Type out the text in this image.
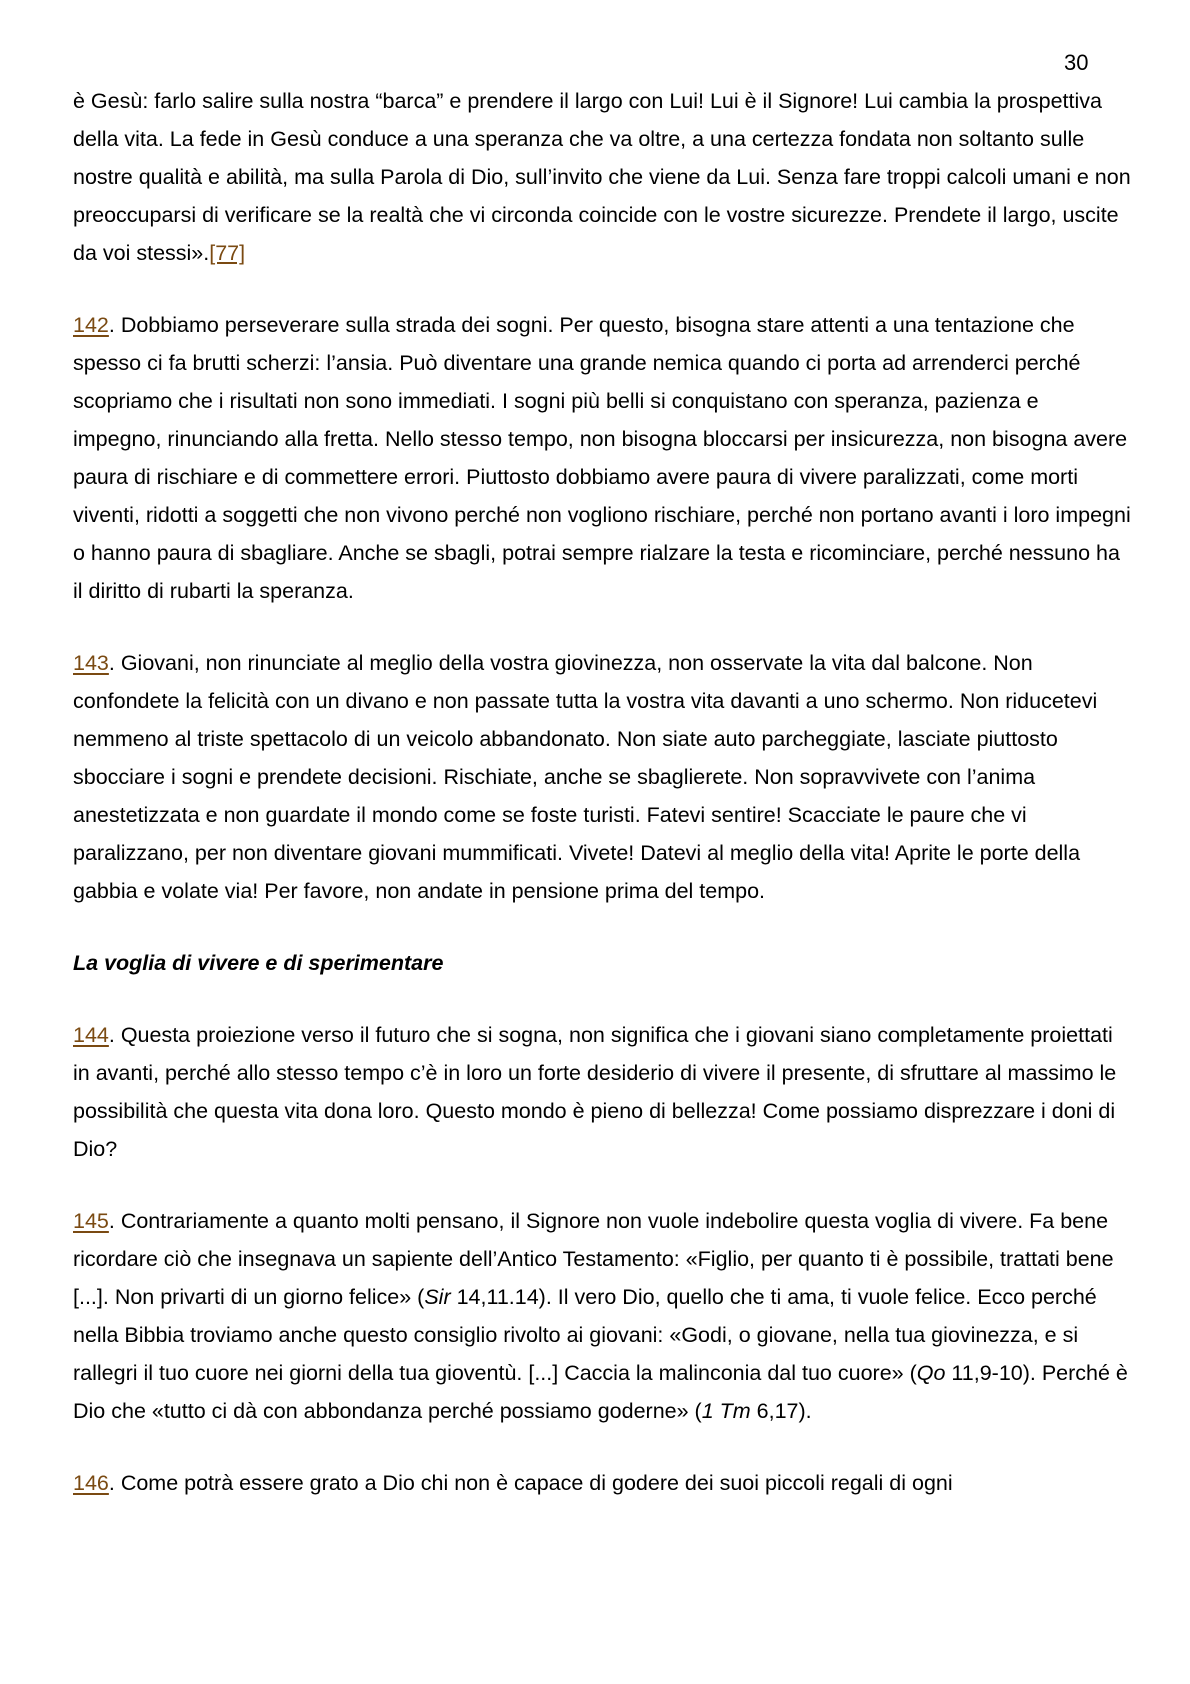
30

è Gesù: farlo salire sulla nostra “barca” e prendere il largo con Lui! Lui è il Signore! Lui cambia la prospettiva della vita. La fede in Gesù conduce a una speranza che va oltre, a una certezza fondata non soltanto sulle nostre qualità e abilità, ma sulla Parola di Dio, sull’invito che viene da Lui. Senza fare troppi calcoli umani e non preoccuparsi di verificare se la realtà che vi circonda coincide con le vostre sicurezze. Prendete il largo, uscite da voi stessi».[77]

142. Dobbiamo perseverare sulla strada dei sogni. Per questo, bisogna stare attenti a una tentazione che spesso ci fa brutti scherzi: l’ansia. Può diventare una grande nemica quando ci porta ad arrenderci perché scopriamo che i risultati non sono immediati. I sogni più belli si conquistano con speranza, pazienza e impegno, rinunciando alla fretta. Nello stesso tempo, non bisogna bloccarsi per insicurezza, non bisogna avere paura di rischiare e di commettere errori. Piuttosto dobbiamo avere paura di vivere paralizzati, come morti viventi, ridotti a soggetti che non vivono perché non vogliono rischiare, perché non portano avanti i loro impegni o hanno paura di sbagliare. Anche se sbagli, potrai sempre rialzare la testa e ricominciare, perché nessuno ha il diritto di rubarti la speranza.

143. Giovani, non rinunciate al meglio della vostra giovinezza, non osservate la vita dal balcone. Non confondete la felicità con un divano e non passate tutta la vostra vita davanti a uno schermo. Non riducetevi nemmeno al triste spettacolo di un veicolo abbandonato. Non siate auto parcheggiate, lasciate piuttosto sbocciare i sogni e prendete decisioni. Rischiate, anche se sbaglierete. Non sopravvivete con l’anima anestetizzata e non guardate il mondo come se foste turisti. Fatevi sentire! Scacciate le paure che vi paralizzano, per non diventare giovani mummificati. Vivete! Datevi al meglio della vita! Aprite le porte della gabbia e volate via! Per favore, non andate in pensione prima del tempo.

La voglia di vivere e di sperimentare

144. Questa proiezione verso il futuro che si sogna, non significa che i giovani siano completamente proiettati in avanti, perché allo stesso tempo c’è in loro un forte desiderio di vivere il presente, di sfruttare al massimo le possibilità che questa vita dona loro. Questo mondo è pieno di bellezza! Come possiamo disprezzare i doni di Dio?

145. Contrariamente a quanto molti pensano, il Signore non vuole indebolire questa voglia di vivere. Fa bene ricordare ciò che insegnava un sapiente dell’Antico Testamento: «Figlio, per quanto ti è possibile, trattati bene [...]. Non privarti di un giorno felice» (Sir 14,11.14). Il vero Dio, quello che ti ama, ti vuole felice. Ecco perché nella Bibbia troviamo anche questo consiglio rivolto ai giovani: «Godi, o giovane, nella tua giovinezza, e si rallegri il tuo cuore nei giorni della tua gioventù. [...] Caccia la malinconia dal tuo cuore» (Qo 11,9-10). Perché è Dio che «tutto ci dà con abbondanza perché possiamo goderne» (1 Tm 6,17).

146. Come potrà essere grato a Dio chi non è capace di godere dei suoi piccoli regali di ogni
